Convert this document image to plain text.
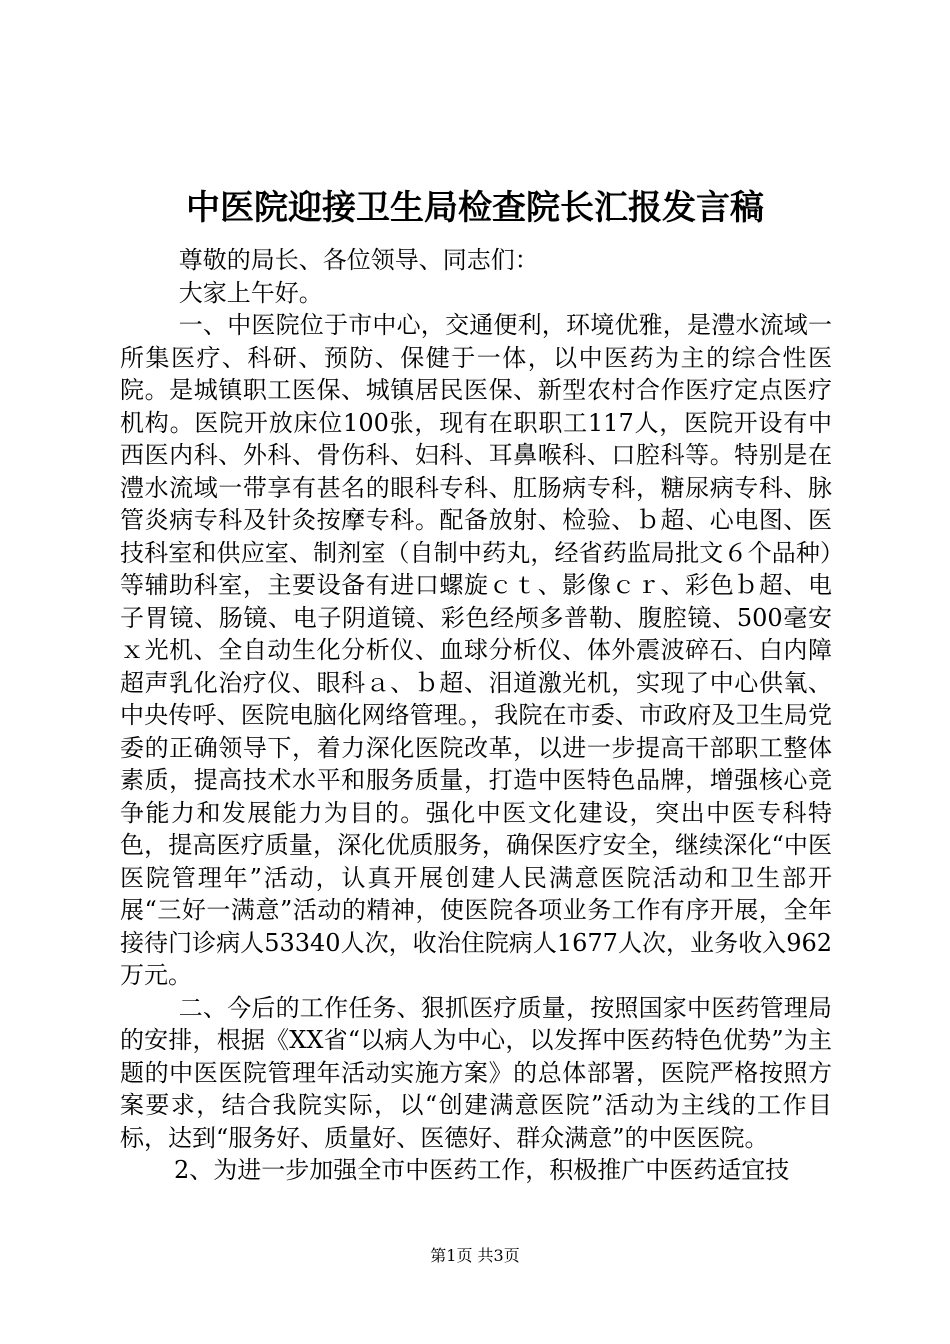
中医院迎接卫生局检查院长汇报发言稿

尊敬的局长、各位领导、同志们：

大家上午好。

一、中医院位于市中心，交通便利，环境优雅，是澧水流域一所集医疗、科研、预防、保健于一体，以中医药为主的综合性医院。是城镇职工医保、城镇居民医保、新型农村合作医疗定点医疗机构。医院开放床位100张，现有在职职工117人，医院开设有中西医内科、外科、骨伤科、妇科、耳鼻喉科、口腔科等。特别是在澧水流域一带享有甚名的眼科专科、肛肠病专科，糖尿病专科、脉管炎病专科及针灸按摩专科。配备放射、检验、ｂ超、心电图、医技科室和供应室、制剂室（自制中药丸，经省药监局批文６个品种）等辅助科室，主要设备有进口螺旋ｃｔ、影像ｃｒ、彩色ｂ超、电子胃镜、肠镜、电子阴道镜、彩色经颅多普勒、腹腔镜、500毫安ｘ光机、全自动生化分析仪、血球分析仪、体外震波碎石、白内障超声乳化治疗仪、眼科ａ、ｂ超、泪道激光机，实现了中心供氧、中央传呼、医院电脑化网络管理。，我院在市委、市政府及卫生局党委的正确领导下，着力深化医院改革，以进一步提高干部职工整体素质，提高技术水平和服务质量，打造中医特色品牌，增强核心竞争能力和发展能力为目的。强化中医文化建设，突出中医专科特色，提高医疗质量，深化优质服务，确保医疗安全，继续深化“中医医院管理年”活动，认真开展创建人民满意医院活动和卫生部开展“三好一满意”活动的精神，使医院各项业务工作有序开展，全年接待门诊病人53340人次，收治住院病人1677人次，业务收入962万元。

二、今后的工作任务、狠抓医疗质量，按照国家中医药管理局的安排，根据《XX省“以病人为中心，以发挥中医药特色优势”为主题的中医医院管理年活动实施方案》的总体部署，医院严格按照方案要求，结合我院实际，以“创建满意医院”活动为主线的工作目标，达到“服务好、质量好、医德好、群众满意”的中医医院。

2、为进一步加强全市中医药工作，积极推广中医药适宜技

第1页 共3页
